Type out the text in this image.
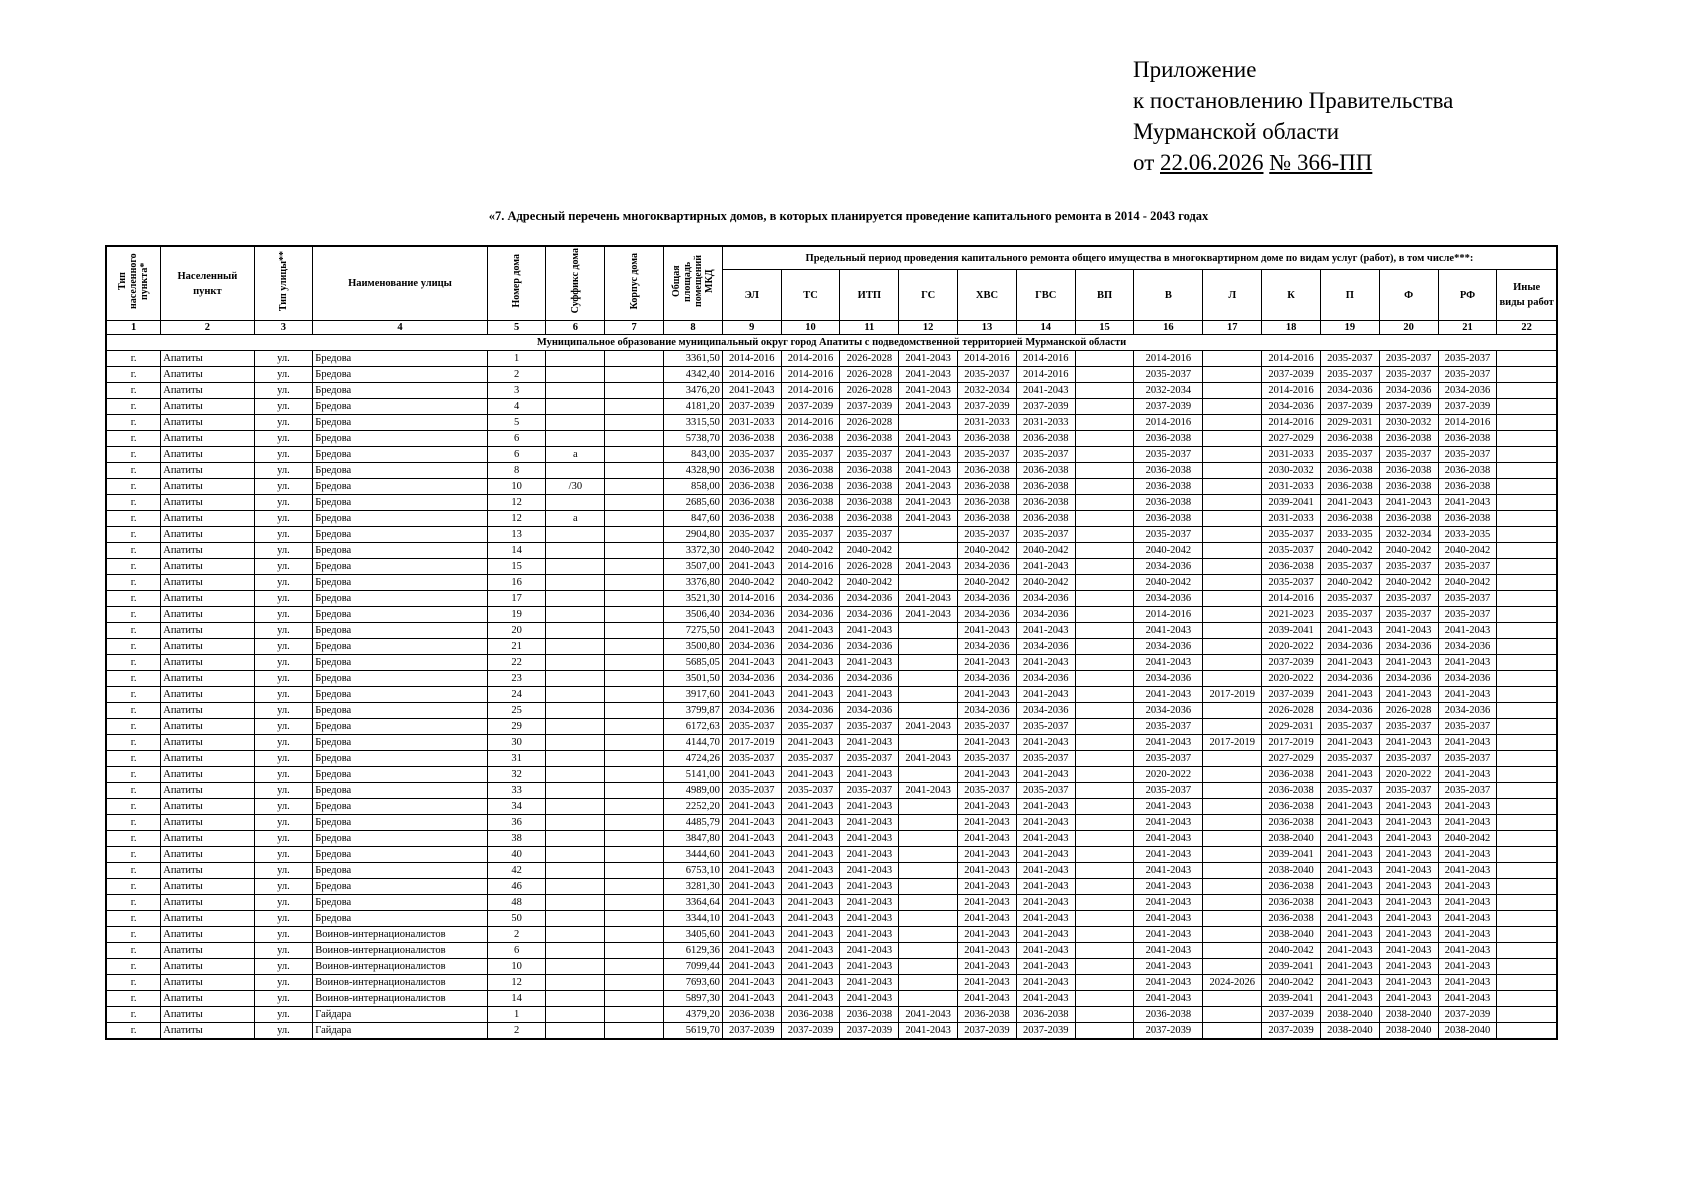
Приложение
к постановлению Правительства
Мурманской области
от 22.06.2026 № 366-ПП
«7. Адресный перечень многоквартирных домов, в которых планируется проведение капитального ремонта в 2014 - 2043 годах
Тип населенного пункта*	Населенный пункт	Тип улицы**	Наименование улицы	Номер дома	Суффикс дома	Корпус дома	Общая площадь помещений МКД	Предельный период проведения капитального ремонта общего имущества в многоквартирном доме по видам услуг (работ), в том числе***:													
								ЭЛ	ТС	ИТП	ГС	ХВС	ГВС	ВП	В	Л	К	П	Ф	РФ	Иные виды работ
1	2	3	4	5	6	7	8	9	10	11	12	13	14	15	16	17	18	19	20	21	22
Муниципальное образование муниципальный округ город Апатиты с подведомственной территорией Мурманской области																					
г.	Апатиты	ул.	Бредова	1			3361,50	2014-2016	2014-2016	2026-2028	2041-2043	2014-2016	2014-2016		2014-2016		2014-2016	2035-2037	2035-2037	2035-2037	
г.	Апатиты	ул.	Бредова	2			4342,40	2014-2016	2014-2016	2026-2028	2041-2043	2035-2037	2014-2016		2035-2037		2037-2039	2035-2037	2035-2037	2035-2037	
г.	Апатиты	ул.	Бредова	3			3476,20	2041-2043	2014-2016	2026-2028	2041-2043	2032-2034	2041-2043		2032-2034		2014-2016	2034-2036	2034-2036	2034-2036	
г.	Апатиты	ул.	Бредова	4			4181,20	2037-2039	2037-2039	2037-2039	2041-2043	2037-2039	2037-2039		2037-2039		2034-2036	2037-2039	2037-2039	2037-2039	
г.	Апатиты	ул.	Бредова	5			3315,50	2031-2033	2014-2016	2026-2028		2031-2033	2031-2033		2014-2016		2014-2016	2029-2031	2030-2032	2014-2016	
г.	Апатиты	ул.	Бредова	6			5738,70	2036-2038	2036-2038	2036-2038	2041-2043	2036-2038	2036-2038		2036-2038		2027-2029	2036-2038	2036-2038	2036-2038	
г.	Апатиты	ул.	Бредова	6	а		843,00	2035-2037	2035-2037	2035-2037	2041-2043	2035-2037	2035-2037		2035-2037		2031-2033	2035-2037	2035-2037	2035-2037	
г.	Апатиты	ул.	Бредова	8			4328,90	2036-2038	2036-2038	2036-2038	2041-2043	2036-2038	2036-2038		2036-2038		2030-2032	2036-2038	2036-2038	2036-2038	
г.	Апатиты	ул.	Бредова	10	/30		858,00	2036-2038	2036-2038	2036-2038	2041-2043	2036-2038	2036-2038		2036-2038		2031-2033	2036-2038	2036-2038	2036-2038	
г.	Апатиты	ул.	Бредова	12			2685,60	2036-2038	2036-2038	2036-2038	2041-2043	2036-2038	2036-2038		2036-2038		2039-2041	2041-2043	2041-2043	2041-2043	
г.	Апатиты	ул.	Бредова	12	а		847,60	2036-2038	2036-2038	2036-2038	2041-2043	2036-2038	2036-2038		2036-2038		2031-2033	2036-2038	2036-2038	2036-2038	
г.	Апатиты	ул.	Бредова	13			2904,80	2035-2037	2035-2037	2035-2037		2035-2037	2035-2037		2035-2037		2035-2037	2033-2035	2032-2034	2033-2035	
г.	Апатиты	ул.	Бредова	14			3372,30	2040-2042	2040-2042	2040-2042		2040-2042	2040-2042		2040-2042		2035-2037	2040-2042	2040-2042	2040-2042	
г.	Апатиты	ул.	Бредова	15			3507,00	2041-2043	2014-2016	2026-2028	2041-2043	2034-2036	2041-2043		2034-2036		2036-2038	2035-2037	2035-2037	2035-2037	
г.	Апатиты	ул.	Бредова	16			3376,80	2040-2042	2040-2042	2040-2042		2040-2042	2040-2042		2040-2042		2035-2037	2040-2042	2040-2042	2040-2042	
г.	Апатиты	ул.	Бредова	17			3521,30	2014-2016	2034-2036	2034-2036	2041-2043	2034-2036	2034-2036		2034-2036		2014-2016	2035-2037	2035-2037	2035-2037	
г.	Апатиты	ул.	Бредова	19			3506,40	2034-2036	2034-2036	2034-2036	2041-2043	2034-2036	2034-2036		2014-2016		2021-2023	2035-2037	2035-2037	2035-2037	
г.	Апатиты	ул.	Бредова	20			7275,50	2041-2043	2041-2043	2041-2043		2041-2043	2041-2043		2041-2043		2039-2041	2041-2043	2041-2043	2041-2043	
г.	Апатиты	ул.	Бредова	21			3500,80	2034-2036	2034-2036	2034-2036		2034-2036	2034-2036		2034-2036		2020-2022	2034-2036	2034-2036	2034-2036	
г.	Апатиты	ул.	Бредова	22			5685,05	2041-2043	2041-2043	2041-2043		2041-2043	2041-2043		2041-2043		2037-2039	2041-2043	2041-2043	2041-2043	
г.	Апатиты	ул.	Бредова	23			3501,50	2034-2036	2034-2036	2034-2036		2034-2036	2034-2036		2034-2036		2020-2022	2034-2036	2034-2036	2034-2036	
г.	Апатиты	ул.	Бредова	24			3917,60	2041-2043	2041-2043	2041-2043		2041-2043	2041-2043		2041-2043	2017-2019	2037-2039	2041-2043	2041-2043	2041-2043	
г.	Апатиты	ул.	Бредова	25			3799,87	2034-2036	2034-2036	2034-2036		2034-2036	2034-2036		2034-2036		2026-2028	2034-2036	2026-2028	2034-2036	
г.	Апатиты	ул.	Бредова	29			6172,63	2035-2037	2035-2037	2035-2037	2041-2043	2035-2037	2035-2037		2035-2037		2029-2031	2035-2037	2035-2037	2035-2037	
г.	Апатиты	ул.	Бредова	30			4144,70	2017-2019	2041-2043	2041-2043		2041-2043	2041-2043		2041-2043	2017-2019	2017-2019	2041-2043	2041-2043	2041-2043	
г.	Апатиты	ул.	Бредова	31			4724,26	2035-2037	2035-2037	2035-2037	2041-2043	2035-2037	2035-2037		2035-2037		2027-2029	2035-2037	2035-2037	2035-2037	
г.	Апатиты	ул.	Бредова	32			5141,00	2041-2043	2041-2043	2041-2043		2041-2043	2041-2043		2020-2022		2036-2038	2041-2043	2020-2022	2041-2043	
г.	Апатиты	ул.	Бредова	33			4989,00	2035-2037	2035-2037	2035-2037	2041-2043	2035-2037	2035-2037		2035-2037		2036-2038	2035-2037	2035-2037	2035-2037	
г.	Апатиты	ул.	Бредова	34			2252,20	2041-2043	2041-2043	2041-2043		2041-2043	2041-2043		2041-2043		2036-2038	2041-2043	2041-2043	2041-2043	
г.	Апатиты	ул.	Бредова	36			4485,79	2041-2043	2041-2043	2041-2043		2041-2043	2041-2043		2041-2043		2036-2038	2041-2043	2041-2043	2041-2043	
г.	Апатиты	ул.	Бредова	38			3847,80	2041-2043	2041-2043	2041-2043		2041-2043	2041-2043		2041-2043		2038-2040	2041-2043	2041-2043	2040-2042	
г.	Апатиты	ул.	Бредова	40			3444,60	2041-2043	2041-2043	2041-2043		2041-2043	2041-2043		2041-2043		2039-2041	2041-2043	2041-2043	2041-2043	
г.	Апатиты	ул.	Бредова	42			6753,10	2041-2043	2041-2043	2041-2043		2041-2043	2041-2043		2041-2043		2038-2040	2041-2043	2041-2043	2041-2043	
г.	Апатиты	ул.	Бредова	46			3281,30	2041-2043	2041-2043	2041-2043		2041-2043	2041-2043		2041-2043		2036-2038	2041-2043	2041-2043	2041-2043	
г.	Апатиты	ул.	Бредова	48			3364,64	2041-2043	2041-2043	2041-2043		2041-2043	2041-2043		2041-2043		2036-2038	2041-2043	2041-2043	2041-2043	
г.	Апатиты	ул.	Бредова	50			3344,10	2041-2043	2041-2043	2041-2043		2041-2043	2041-2043		2041-2043		2036-2038	2041-2043	2041-2043	2041-2043	
г.	Апатиты	ул.	Воинов-интернационалистов	2			3405,60	2041-2043	2041-2043	2041-2043		2041-2043	2041-2043		2041-2043		2038-2040	2041-2043	2041-2043	2041-2043	
г.	Апатиты	ул.	Воинов-интернационалистов	6			6129,36	2041-2043	2041-2043	2041-2043		2041-2043	2041-2043		2041-2043		2040-2042	2041-2043	2041-2043	2041-2043	
г.	Апатиты	ул.	Воинов-интернационалистов	10			7099,44	2041-2043	2041-2043	2041-2043		2041-2043	2041-2043		2041-2043		2039-2041	2041-2043	2041-2043	2041-2043	
г.	Апатиты	ул.	Воинов-интернационалистов	12			7693,60	2041-2043	2041-2043	2041-2043		2041-2043	2041-2043		2041-2043	2024-2026	2040-2042	2041-2043	2041-2043	2041-2043	
г.	Апатиты	ул.	Воинов-интернационалистов	14			5897,30	2041-2043	2041-2043	2041-2043		2041-2043	2041-2043		2041-2043		2039-2041	2041-2043	2041-2043	2041-2043	
г.	Апатиты	ул.	Гайдара	1			4379,20	2036-2038	2036-2038	2036-2038	2041-2043	2036-2038	2036-2038		2036-2038		2037-2039	2038-2040	2038-2040	2037-2039	
г.	Апатиты	ул.	Гайдара	2			5619,70	2037-2039	2037-2039	2037-2039	2041-2043	2037-2039	2037-2039		2037-2039		2037-2039	2038-2040	2038-2040	2038-2040	
